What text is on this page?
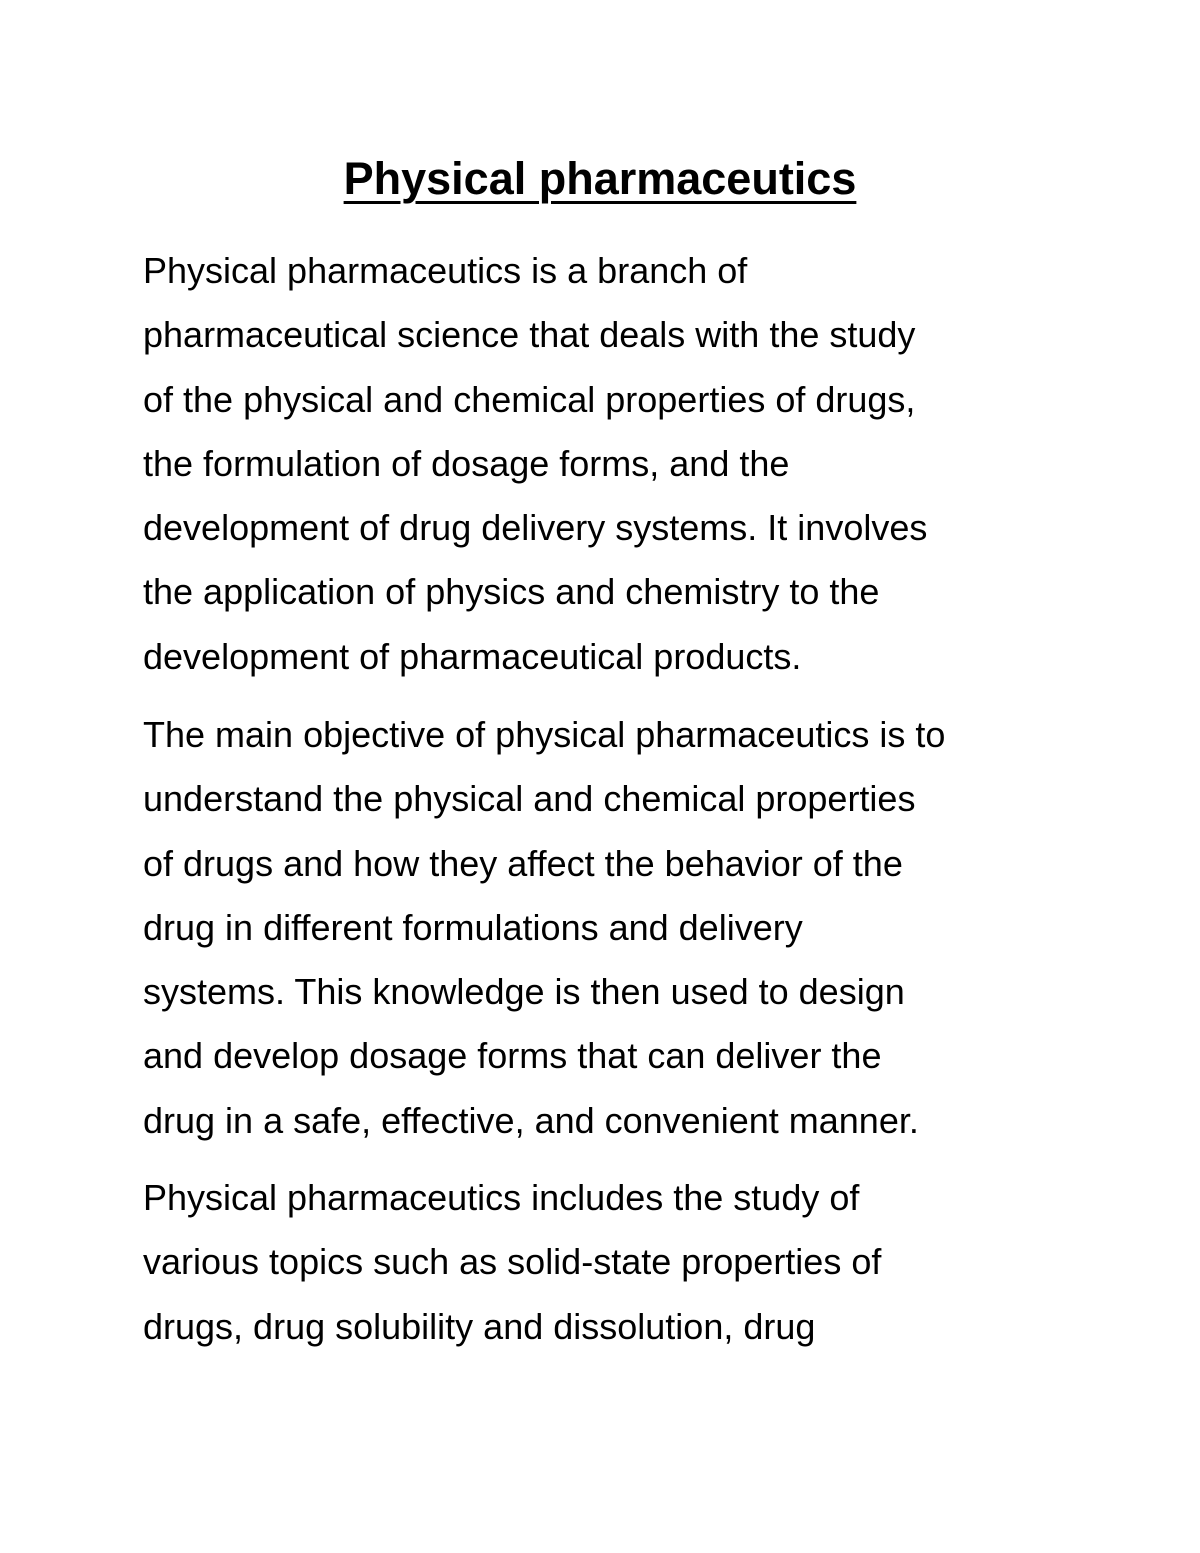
Physical pharmaceutics

Physical pharmaceutics is a branch of
pharmaceutical science that deals with the study
of the physical and chemical properties of drugs,
the formulation of dosage forms, and the
development of drug delivery systems. It involves
the application of physics and chemistry to the
development of pharmaceutical products.

The main objective of physical pharmaceutics is to
understand the physical and chemical properties
of drugs and how they affect the behavior of the
drug in different formulations and delivery
systems. This knowledge is then used to design
and develop dosage forms that can deliver the
drug in a safe, effective, and convenient manner.

Physical pharmaceutics includes the study of
various topics such as solid-state properties of
drugs, drug solubility and dissolution, drug
